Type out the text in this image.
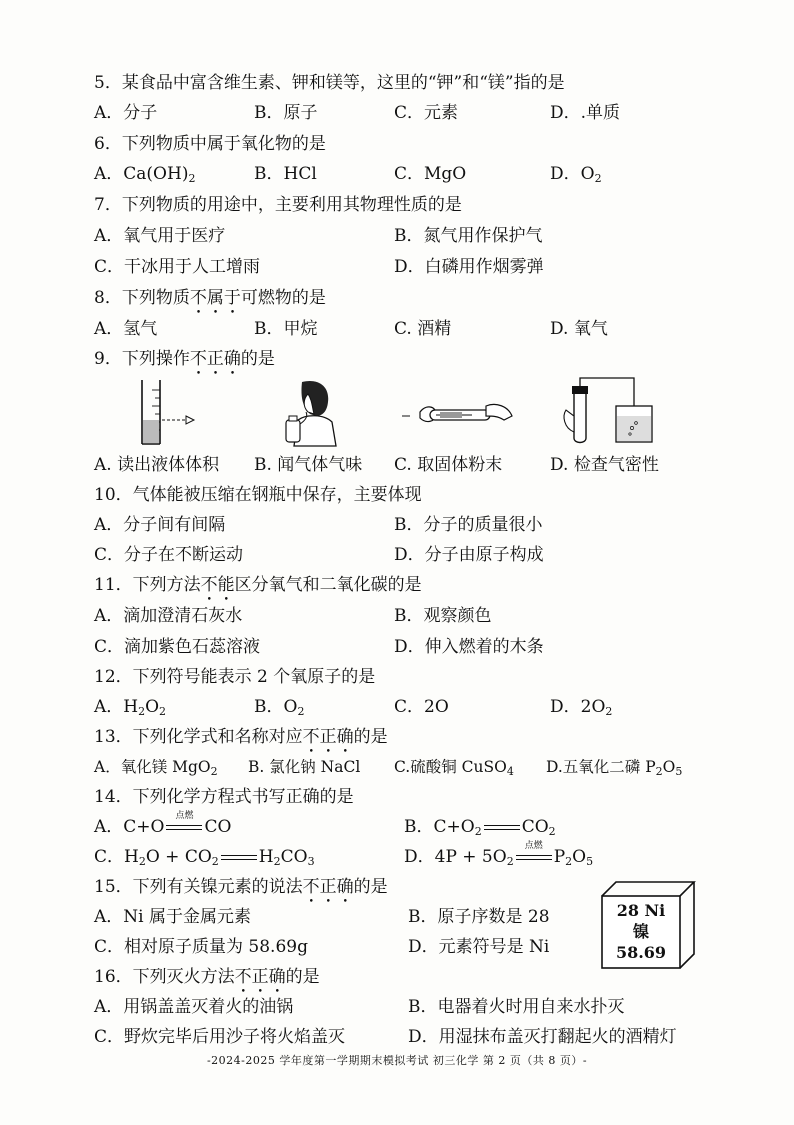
5．某食品中富含维生素、钾和镁等，这里的“钾”和“镁”指的是
A．分子	B．原子	C．元素	D．.单质
6．下列物质中属于氧化物的是
A．$Ca(OH)_2$	B．HCl	C．MgO	D．$O_2$
7．下列物质的用途中，主要利用其物理性质的是
A．氧气用于医疗	B．氮气用作保护气
C．干冰用于人工增雨	D．白磷用作烟雾弹
8．下列物质不属于可燃物的是
A．氢气	B．甲烷	C. 酒精	D. 氧气
9．下列操作不正确的是
A. 读出液体体积 B. 闻气体气味 C. 取固体粉末	D. 检查气密性
10．气体能被压缩在钢瓶中保存，主要体现
A．分子间有间隔	B．分子的质量很小
C．分子在不断运动	D．分子由原子构成
11．下列方法不能区分氧气和二氧化碳的是
A．滴加澄清石灰水	B．观察颜色
C．滴加紫色石蕊溶液	D．伸入燃着的木条
12．下列符号能表示 2 个氧原子的是
A．$H_2O_2$	B．$O_2$	C．2O	D．$2O_2$
13．下列化学式和名称对应不正确的是
A．氧化镁 MgO$_2$ B. 氯化钠 NaCl C.硫酸铜 CuSO$_4$ D.五氧化二磷 $P_2O_5$
14．下列化学方程式书写正确的是
A．C+O
点燃
CO	B．$C+O_2$ $CO_2$
C．$H_2O + CO_2$ $H_2CO_3$	D．$4P + 5O_2$
点燃
$P_2O_5$
15．下列有关镍元素的说法不正确的是
A．Ni 属于金属元素	B．原子序数是 28
C．相对原子质量为 58.69g	D．元素符号是 Ni
28 Ni
镍
58.69
16．下列灭火方法不正确的是
A．用锅盖盖灭着火的油锅	B．电器着火时用自来水扑灭
C．野炊完毕后用沙子将火焰盖灭	D．用湿抹布盖灭打翻起火的酒精灯
-2024-2025 学年度第一学期期末模拟考试 初三化学 第 2 页（共 8 页）-
